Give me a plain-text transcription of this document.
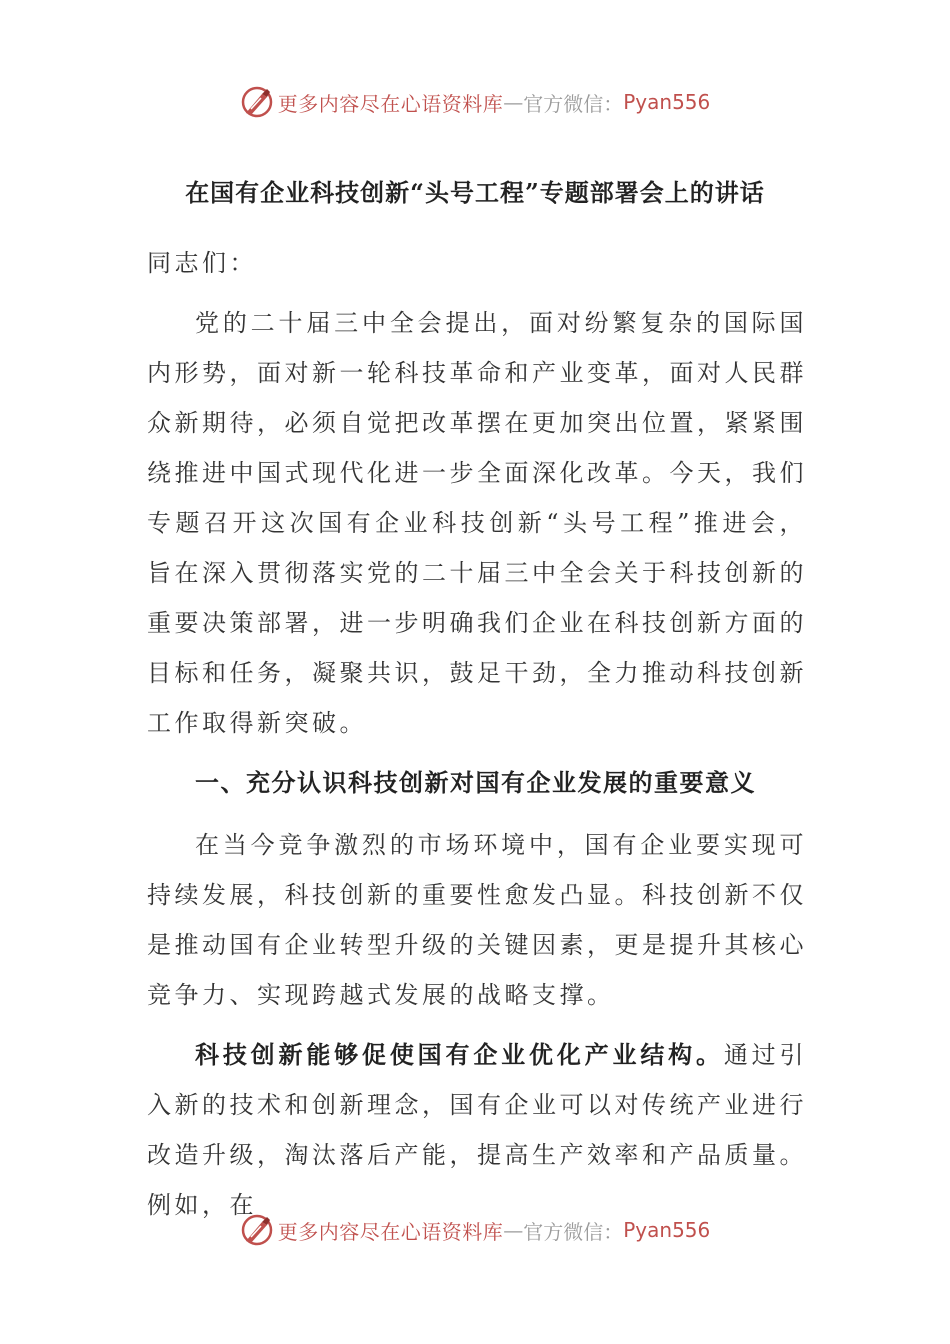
更多内容尽在心语资料库 — 官方微信： Pyan556
在国有企业科技创新“头号工程”专题部署会上的讲话

同志们：

党的二十届三中全会提出，面对纷繁复杂的国际国内形势，面对新一轮科技革命和产业变革，面对人民群众新期待，必须自觉把改革摆在更加突出位置，紧紧围绕推进中国式现代化进一步全面深化改革。今天，我们专题召开这次国有企业科技创新“头号工程”推进会，旨在深入贯彻落实党的二十届三中全会关于科技创新的重要决策部署，进一步明确我们企业在科技创新方面的目标和任务，凝聚共识，鼓足干劲，全力推动科技创新工作取得新突破。

一、充分认识科技创新对国有企业发展的重要意义

在当今竞争激烈的市场环境中，国有企业要实现可持续发展，科技创新的重要性愈发凸显。科技创新不仅是推动国有企业转型升级的关键因素，更是提升其核心竞争力、实现跨越式发展的战略支撑。

科技创新能够促使国有企业优化产业结构。通过引入新的技术和创新理念，国有企业可以对传统产业进行改造升级，淘汰落后产能，提高生产效率和产品质量。例如，在

更多内容尽在心语资料库 — 官方微信： Pyan556
